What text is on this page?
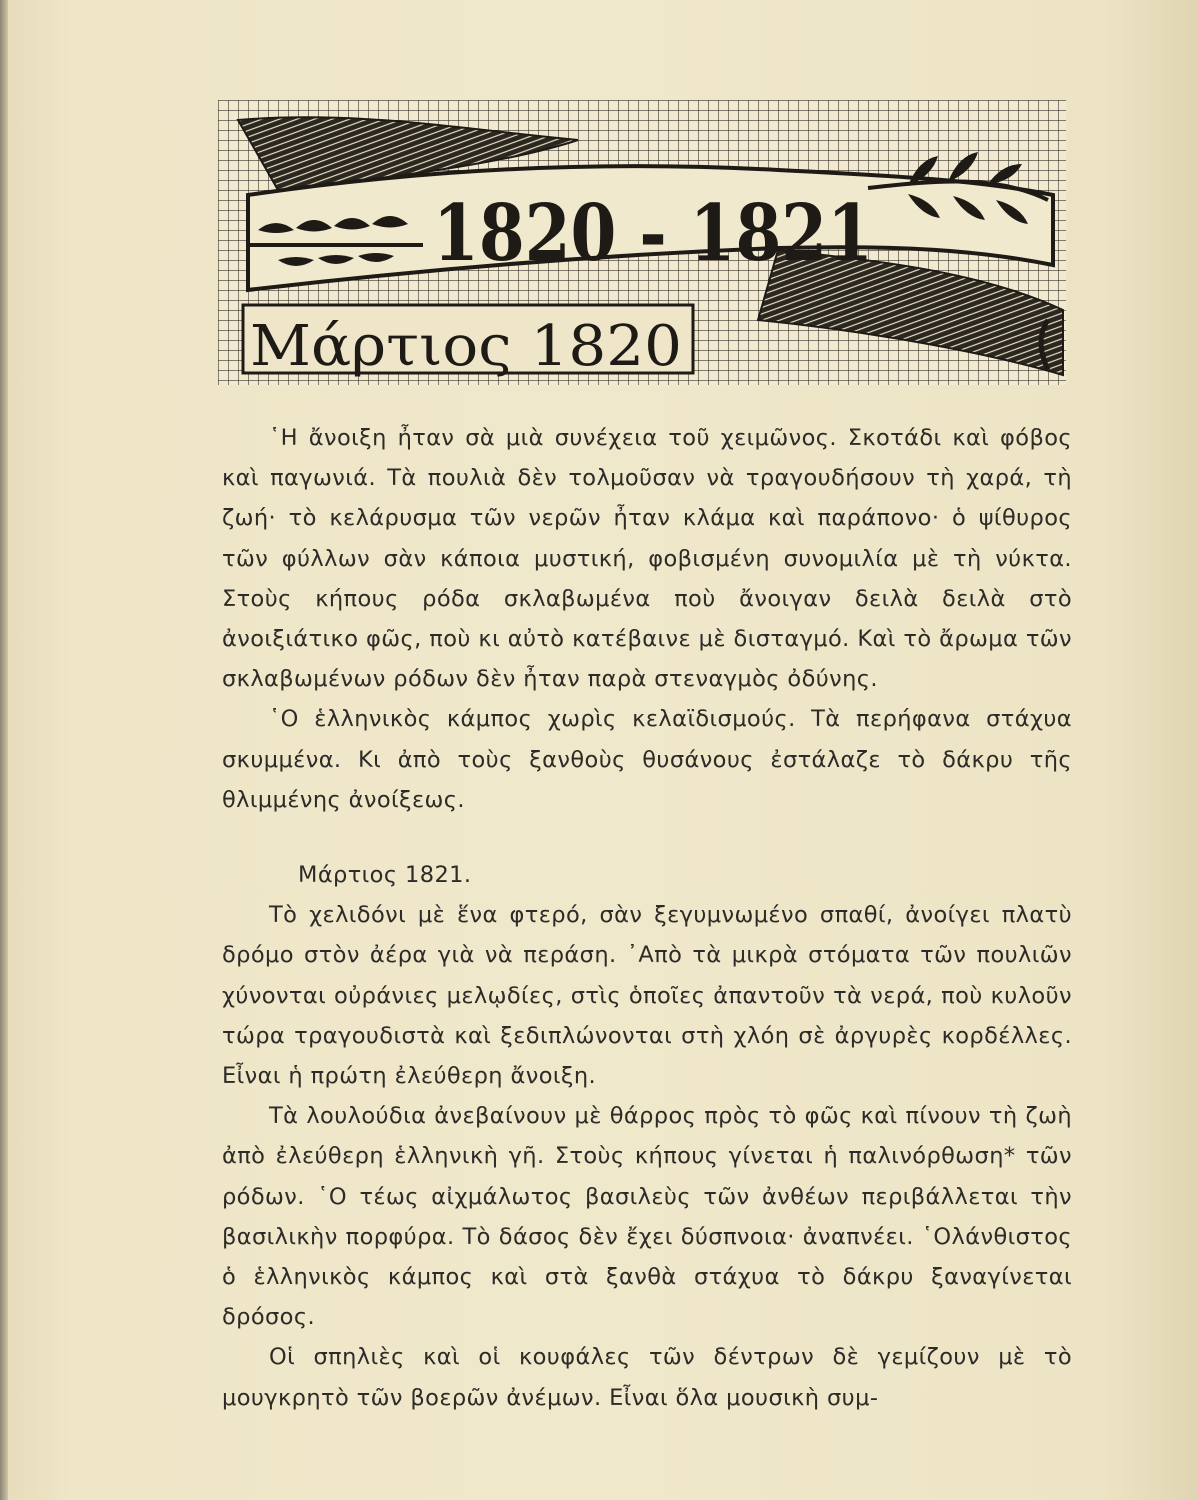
1820 - 1821
Μάρτιος 1820

῾Η ἄνοιξη ἦταν σὰ μιὰ συνέχεια τοῦ χειμῶνος. Σκοτάδι καὶ φόβος καὶ παγωνιά. Τὰ πουλιὰ δὲν τολμοῦσαν νὰ τραγουδήσουν τὴ χαρά, τὴ ζωή· τὸ κελάρυσμα τῶν νερῶν ἦταν κλάμα καὶ παράπονο· ὁ ψίθυρος τῶν φύλλων σὰν κάποια μυστική, φοβισμένη συνομιλία μὲ τὴ νύκτα. Στοὺς κήπους ρόδα σκλαβωμένα ποὺ ἄνοιγαν δειλὰ δειλὰ στὸ ἀνοιξιάτικο φῶς, ποὺ κι αὐτὸ κατέβαινε μὲ δισταγμό. Καὶ τὸ ἄρωμα τῶν σκλαβωμένων ρόδων δὲν ἦταν παρὰ στεναγμὸς ὀδύνης.

῾Ο ἑλληνικὸς κάμπος χωρὶς κελαϊδισμούς. Τὰ περήφανα στάχυα σκυμμένα. Κι ἀπὸ τοὺς ξανθοὺς θυσάνους ἐστάλαζε τὸ δάκρυ τῆς θλιμμένης ἀνοίξεως.

Μάρτιος 1821.

Τὸ χελιδόνι μὲ ἕνα φτερό, σὰν ξεγυμνωμένο σπαθί, ἀνοίγει πλατὺ δρόμο στὸν ἀέρα γιὰ νὰ περάση. ᾿Απὸ τὰ μικρὰ στόματα τῶν πουλιῶν χύνονται οὐράνιες μελῳδίες, στὶς ὁποῖες ἀπαντοῦν τὰ νερά, ποὺ κυλοῦν τώρα τραγουδιστὰ καὶ ξεδιπλώνονται στὴ χλόη σὲ ἀργυρὲς κορδέλλες. Εἶναι ἡ πρώτη ἐλεύθερη ἄνοιξη.

Τὰ λουλούδια ἀνεβαίνουν μὲ θάρρος πρὸς τὸ φῶς καὶ πίνουν τὴ ζωὴ ἀπὸ ἐλεύθερη ἑλληνικὴ γῆ. Στοὺς κήπους γίνεται ἡ παλινόρθωση* τῶν ρόδων. ῾Ο τέως αἰχμάλωτος βασιλεὺς τῶν ἀνθέων περιβάλλεται τὴν βασιλικὴν πορφύρα. Τὸ δάσος δὲν ἔχει δύσπνοια· ἀναπνέει. ῾Ολάνθιστος ὁ ἑλληνικὸς κάμπος καὶ στὰ ξανθὰ στάχυα τὸ δάκρυ ξαναγίνεται δρόσος.

Οἱ σπηλιὲς καὶ οἱ κουφάλες τῶν δέντρων δὲ γεμίζουν μὲ τὸ μουγκρητὸ τῶν βοερῶν ἀνέμων. Εἶναι ὅλα μουσικὴ συμ-
